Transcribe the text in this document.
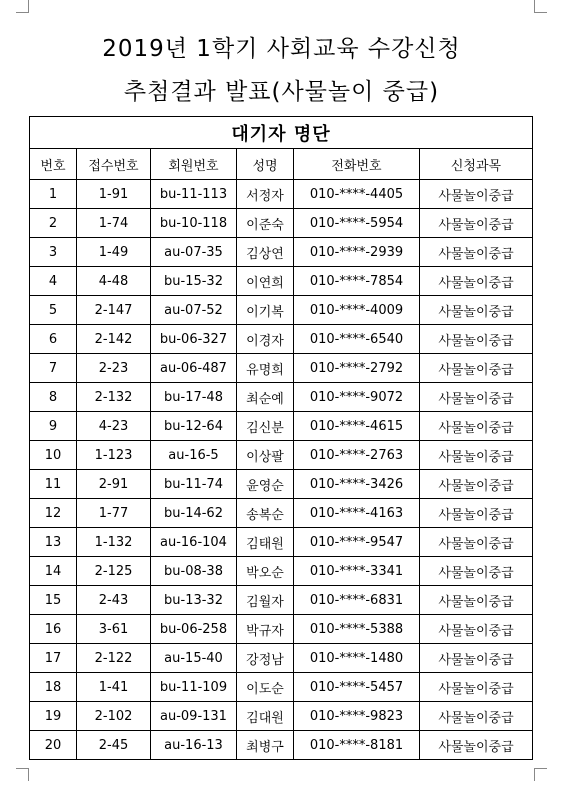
2019년 1학기 사회교육 수강신청
추첨결과 발표(사물놀이 중급)
대기자 명단					
번호	접수번호	회원번호	성명	전화번호	신청과목
1	1-91	bu-11-113	서정자	010-****-4405	사물놀이중급
2	1-74	bu-10-118	이준숙	010-****-5954	사물놀이중급
3	1-49	au-07-35	김상연	010-****-2939	사물놀이중급
4	4-48	bu-15-32	이연희	010-****-7854	사물놀이중급
5	2-147	au-07-52	이기복	010-****-4009	사물놀이중급
6	2-142	bu-06-327	이경자	010-****-6540	사물놀이중급
7	2-23	au-06-487	유명희	010-****-2792	사물놀이중급
8	2-132	bu-17-48	최순예	010-****-9072	사물놀이중급
9	4-23	bu-12-64	김신분	010-****-4615	사물놀이중급
10	1-123	au-16-5	이상팔	010-****-2763	사물놀이중급
11	2-91	bu-11-74	윤영순	010-****-3426	사물놀이중급
12	1-77	bu-14-62	송복순	010-****-4163	사물놀이중급
13	1-132	au-16-104	김태원	010-****-9547	사물놀이중급
14	2-125	bu-08-38	박오순	010-****-3341	사물놀이중급
15	2-43	bu-13-32	김월자	010-****-6831	사물놀이중급
16	3-61	bu-06-258	박규자	010-****-5388	사물놀이중급
17	2-122	au-15-40	강정남	010-****-1480	사물놀이중급
18	1-41	bu-11-109	이도순	010-****-5457	사물놀이중급
19	2-102	au-09-131	김대원	010-****-9823	사물놀이중급
20	2-45	au-16-13	최병구	010-****-8181	사물놀이중급
